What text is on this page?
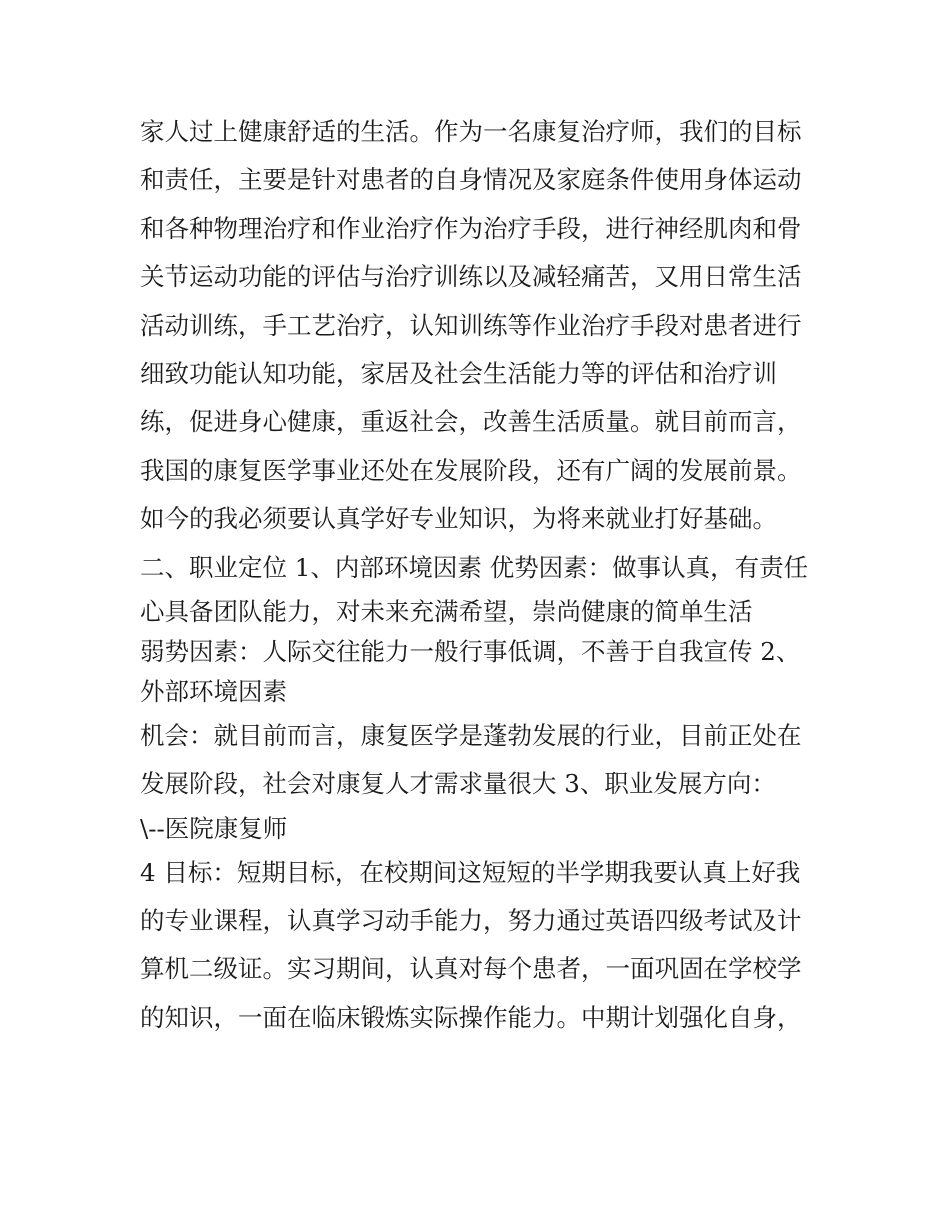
家人过上健康舒适的生活。作为一名康复治疗师，我们的目标
和责任，主要是针对患者的自身情况及家庭条件使用身体运动
和各种物理治疗和作业治疗作为治疗手段，进行神经肌肉和骨
关节运动功能的评估与治疗训练以及减轻痛苦，又用日常生活
活动训练，手工艺治疗，认知训练等作业治疗手段对患者进行
细致功能认知功能，家居及社会生活能力等的评估和治疗训
练，促进身心健康，重返社会，改善生活质量。就目前而言，
我国的康复医学事业还处在发展阶段，还有广阔的发展前景。
如今的我必须要认真学好专业知识，为将来就业打好基础。
二、职业定位 1、内部环境因素 优势因素：做事认真，有责任
心具备团队能力，对未来充满希望，崇尚健康的简单生活
弱势因素：人际交往能力一般行事低调，不善于自我宣传 2、
外部环境因素
机会：就目前而言，康复医学是蓬勃发展的行业，目前正处在
发展阶段，社会对康复人才需求量很大 3、职业发展方向：
\--医院康复师
4 目标：短期目标，在校期间这短短的半学期我要认真上好我
的专业课程，认真学习动手能力，努力通过英语四级考试及计
算机二级证。实习期间，认真对每个患者，一面巩固在学校学
的知识，一面在临床锻炼实际操作能力。中期计划强化自身，
